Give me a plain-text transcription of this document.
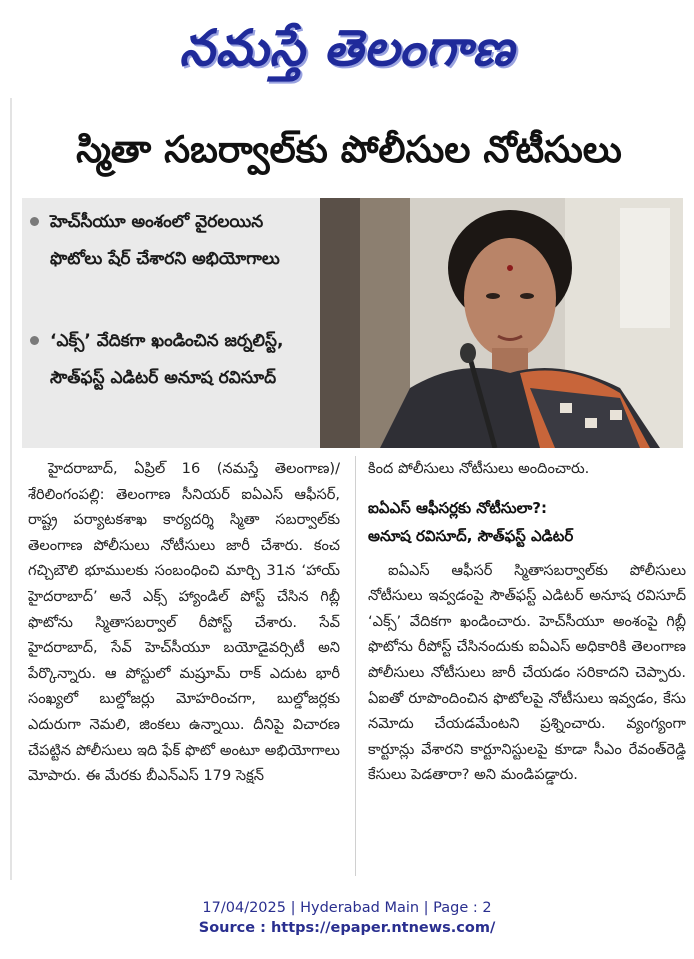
నమస్తే తెలంగాణ
స్మితా సబర్వాల్‌కు పోలీసుల నోటీసులు
హెచ్‌సీయూ అంశంలో వైరలయిన ఫొటోలు షేర్ చేశారని అభియోగాలు
‘ఎక్స్’ వేదికగా ఖండించిన జర్నలిస్ట్, సౌత్‌ఫస్ట్ ఎడిటర్ అనూష రవిసూద్

హైదరాబాద్, ఏప్రిల్ 16 (నమస్తే తెలంగాణ)/శేరిలింగంపల్లి: తెలంగాణ సీనియర్ ఐఏఎస్ ఆఫీసర్, రాష్ట్ర పర్యాటకశాఖ కార్యదర్శి స్మితా సబర్వాల్‌కు తెలంగాణ పోలీసులు నోటీసులు జారీ చేశారు. కంచ గచ్చిబౌలి భూములకు సంబంధించి మార్చి 31న ‘హాయ్ హైదరాబాద్’ అనే ఎక్స్ హ్యాండిల్ పోస్ట్ చేసిన గిబ్లీ ఫొటోను స్మితాసబర్వాల్ రీపోస్ట్ చేశారు. సేవ్ హైదరాబాద్, సేవ్ హెచ్‌సీయూ బయోడైవర్సిటీ అని పేర్కొన్నారు. ఆ పోస్టులో మష్రూమ్ రాక్ ఎదుట భారీ సంఖ్యలో బుల్డోజర్లు మోహరించగా, బుల్డోజర్లకు ఎదురుగా నెమలి, జింకలు ఉన్నాయి. దీనిపై విచారణ చేపట్టిన పోలీసులు ఇది ఫేక్ ఫొటో అంటూ అభియోగాలు మోపారు. ఈ మేరకు బీఎన్ఎస్ 179 సెక్షన్

కింద పోలీసులు నోటీసులు అందించారు.

ఐఏఎస్ ఆఫీసర్లకు నోటీసులా?:
అనూష రవిసూద్, సౌత్‌ఫస్ట్ ఎడిటర్

ఐఏఎస్ ఆఫీసర్ స్మితాసబర్వాల్‌కు పోలీసులు నోటీసులు ఇవ్వడంపై సౌత్‌ఫస్ట్ ఎడిటర్ అనూష రవిసూద్ ‘ఎక్స్’ వేదికగా ఖండించారు. హెచ్‌సీయూ అంశంపై గిబ్లీ ఫొటోను రీపోస్ట్ చేసినందుకు ఐఏఎస్ అధికారికి తెలంగాణ పోలీసులు నోటీసులు జారీ చేయడం సరికాదని చెప్పారు. ఏఐతో రూపొందించిన ఫొటోలపై నోటీసులు ఇవ్వడం, కేసు నమోదు చేయడమేంటని ప్రశ్నించారు. వ్యంగ్యంగా కార్టూన్లు వేశారని కార్టూనిస్టులపై కూడా సీఎం రేవంత్‌రెడ్డి కేసులు పెడతారా? అని మండిపడ్డారు.

17/04/2025 | Hyderabad Main | Page : 2
Source : https://epaper.ntnews.com/
